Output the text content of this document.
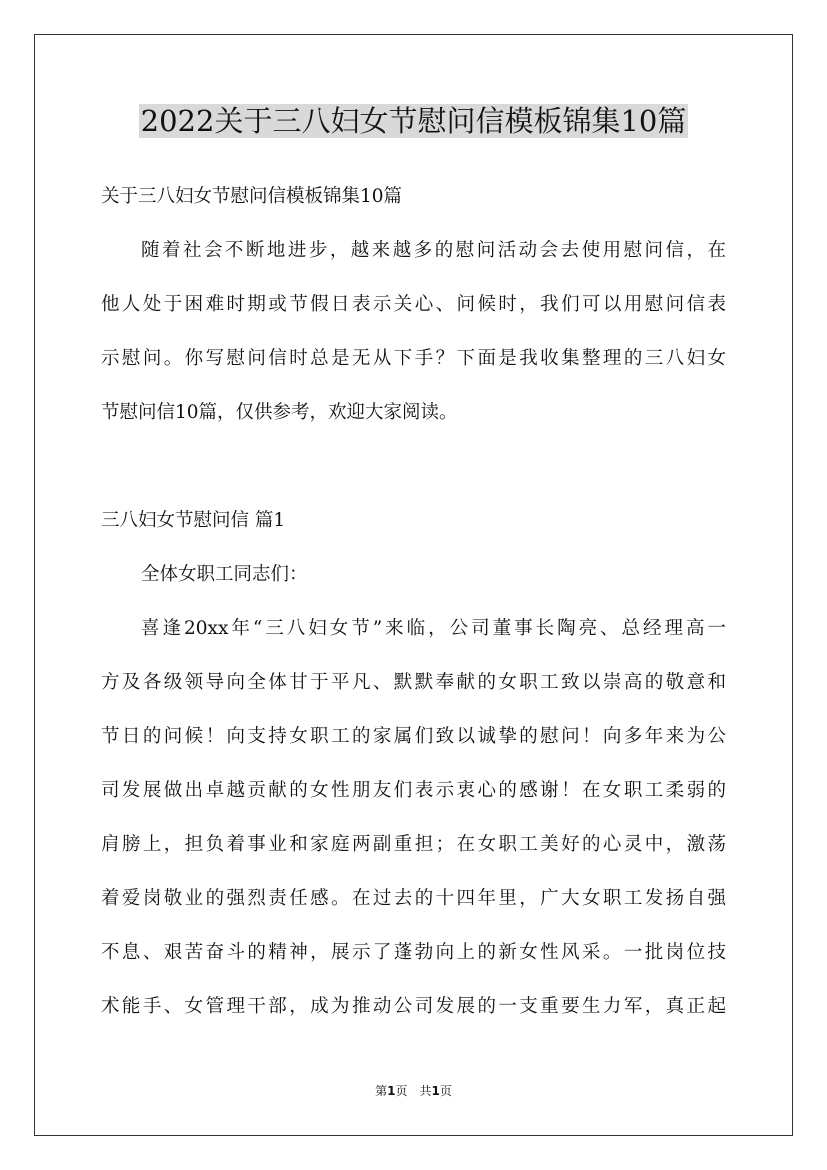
2022关于三八妇女节慰问信模板锦集10篇

关于三八妇女节慰问信模板锦集10篇

随着社会不断地进步，越来越多的慰问活动会去使用慰问信，在

他人处于困难时期或节假日表示关心、问候时，我们可以用慰问信表

示慰问。你写慰问信时总是无从下手？下面是我收集整理的三八妇女

节慰问信10篇，仅供参考，欢迎大家阅读。

三八妇女节慰问信 篇1

全体女职工同志们：

喜逢20xx年“三八妇女节”来临，公司董事长陶亮、总经理高一

方及各级领导向全体甘于平凡、默默奉献的女职工致以崇高的敬意和

节日的问候！向支持女职工的家属们致以诚挚的慰问！向多年来为公

司发展做出卓越贡献的女性朋友们表示衷心的感谢！在女职工柔弱的

肩膀上，担负着事业和家庭两副重担；在女职工美好的心灵中，激荡

着爱岗敬业的强烈责任感。在过去的十四年里，广大女职工发扬自强

不息、艰苦奋斗的精神，展示了蓬勃向上的新女性风采。一批岗位技

术能手、女管理干部，成为推动公司发展的一支重要生力军，真正起

第1页　共1页
